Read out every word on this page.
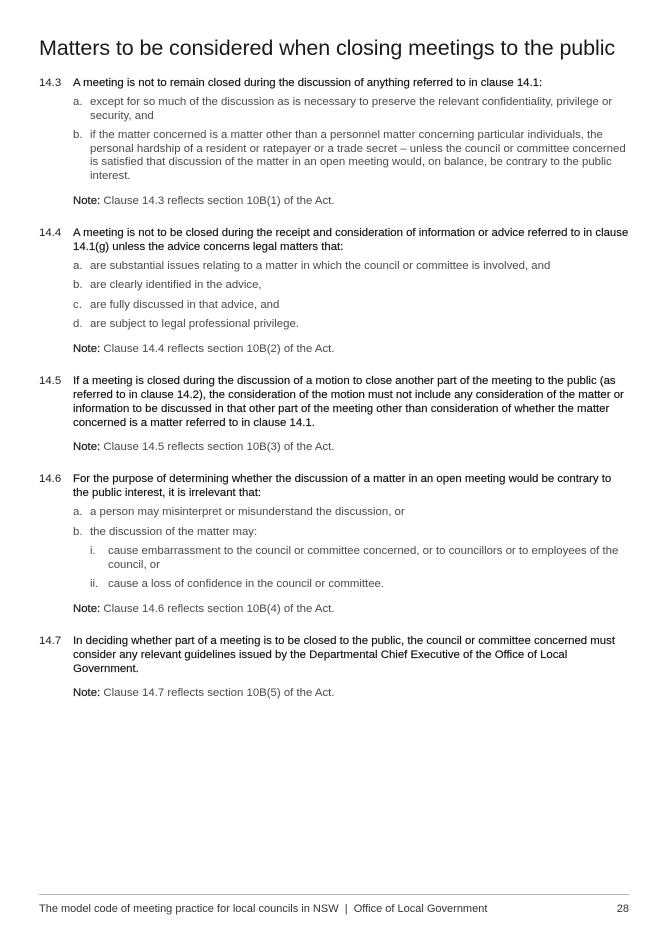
Matters to be considered when closing meetings to the public
14.3	A meeting is not to remain closed during the discussion of anything referred to in clause 14.1:
a. except for so much of the discussion as is necessary to preserve the relevant confidentiality, privilege or security, and
b. if the matter concerned is a matter other than a personnel matter concerning particular individuals, the personal hardship of a resident or ratepayer or a trade secret – unless the council or committee concerned is satisfied that discussion of the matter in an open meeting would, on balance, be contrary to the public interest.
Note: Clause 14.3 reflects section 10B(1) of the Act.
14.4	A meeting is not to be closed during the receipt and consideration of information or advice referred to in clause 14.1(g) unless the advice concerns legal matters that:
a. are substantial issues relating to a matter in which the council or committee is involved, and
b. are clearly identified in the advice,
c. are fully discussed in that advice, and
d. are subject to legal professional privilege.
Note: Clause 14.4 reflects section 10B(2) of the Act.
14.5	If a meeting is closed during the discussion of a motion to close another part of the meeting to the public (as referred to in clause 14.2), the consideration of the motion must not include any consideration of the matter or information to be discussed in that other part of the meeting other than consideration of whether the matter concerned is a matter referred to in clause 14.1.
Note: Clause 14.5 reflects section 10B(3) of the Act.
14.6	For the purpose of determining whether the discussion of a matter in an open meeting would be contrary to the public interest, it is irrelevant that:
a. a person may misinterpret or misunderstand the discussion, or
b. the discussion of the matter may:
i.	cause embarrassment to the council or committee concerned, or to councillors or to employees of the council, or
ii. cause a loss of confidence in the council or committee.
Note: Clause 14.6 reflects section 10B(4) of the Act.
14.7	In deciding whether part of a meeting is to be closed to the public, the council or committee concerned must consider any relevant guidelines issued by the Departmental Chief Executive of the Office of Local Government.
Note: Clause 14.7 reflects section 10B(5) of the Act.
The model code of meeting practice for local councils in NSW | Office of Local Government	28
